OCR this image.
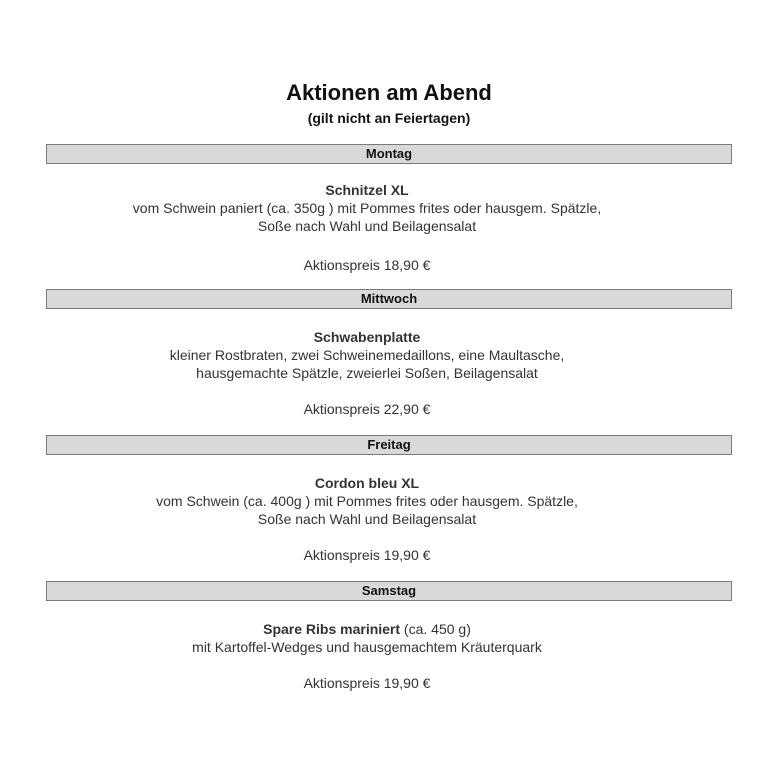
Aktionen am Abend
(gilt nicht an Feiertagen)
Montag
Schnitzel XL
vom Schwein paniert (ca. 350g ) mit Pommes frites oder hausgem. Spätzle,
Soße nach Wahl und Beilagensalat
Aktionspreis 18,90 €
Mittwoch
Schwabenplatte
kleiner Rostbraten, zwei Schweinemedaillons, eine Maultasche,
hausgemachte Spätzle, zweierlei Soßen, Beilagensalat
Aktionspreis 22,90 €
Freitag
Cordon bleu XL
vom Schwein (ca. 400g ) mit Pommes frites oder hausgem. Spätzle,
Soße nach Wahl und Beilagensalat
Aktionspreis 19,90 €
Samstag
Spare Ribs mariniert (ca. 450 g)
mit Kartoffel-Wedges und hausgemachtem Kräuterquark
Aktionspreis 19,90 €
